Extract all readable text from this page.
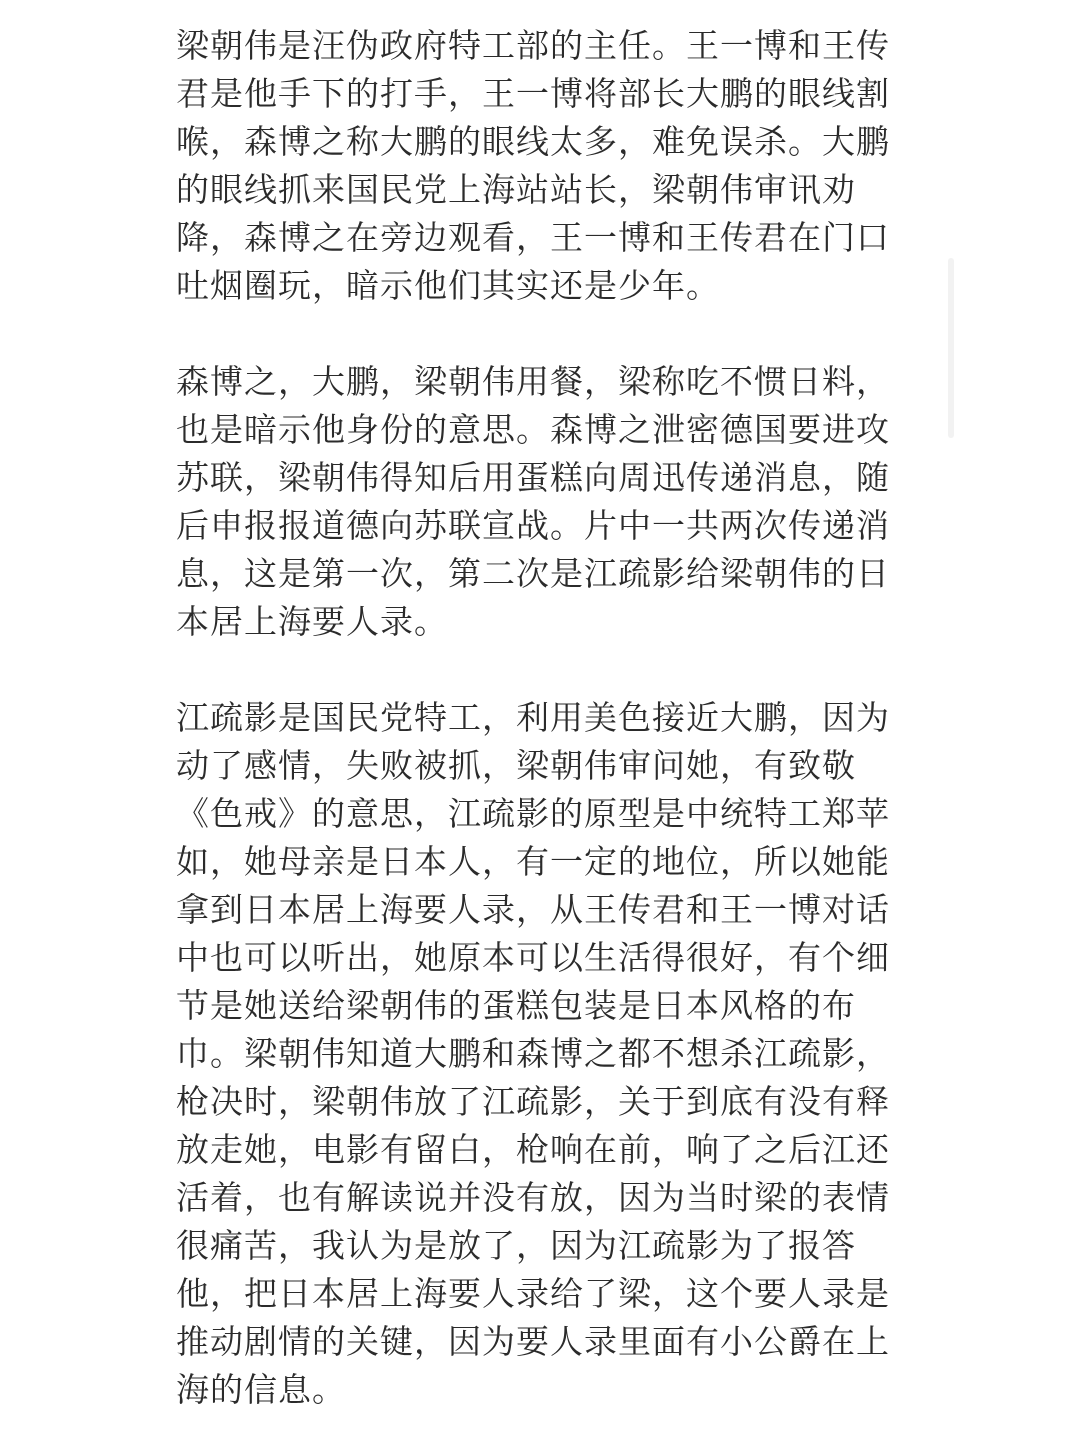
梁朝伟是汪伪政府特工部的主任。王一博和王传
君是他手下的打手，王一博将部长大鹏的眼线割
喉，森博之称大鹏的眼线太多，难免误杀。大鹏
的眼线抓来国民党上海站站长，梁朝伟审讯劝
降，森博之在旁边观看，王一博和王传君在门口
吐烟圈玩，暗示他们其实还是少年。

森博之，大鹏，梁朝伟用餐，梁称吃不惯日料，
也是暗示他身份的意思。森博之泄密德国要进攻
苏联，梁朝伟得知后用蛋糕向周迅传递消息，随
后申报报道德向苏联宣战。片中一共两次传递消
息，这是第一次，第二次是江疏影给梁朝伟的日
本居上海要人录。

江疏影是国民党特工，利用美色接近大鹏，因为
动了感情，失败被抓，梁朝伟审问她，有致敬
《色戒》的意思，江疏影的原型是中统特工郑苹
如，她母亲是日本人，有一定的地位，所以她能
拿到日本居上海要人录，从王传君和王一博对话
中也可以听出，她原本可以生活得很好，有个细
节是她送给梁朝伟的蛋糕包装是日本风格的布
巾。梁朝伟知道大鹏和森博之都不想杀江疏影，
枪决时，梁朝伟放了江疏影，关于到底有没有释
放走她，电影有留白，枪响在前，响了之后江还
活着，也有解读说并没有放，因为当时梁的表情
很痛苦，我认为是放了，因为江疏影为了报答
他，把日本居上海要人录给了梁，这个要人录是
推动剧情的关键，因为要人录里面有小公爵在上
海的信息。
